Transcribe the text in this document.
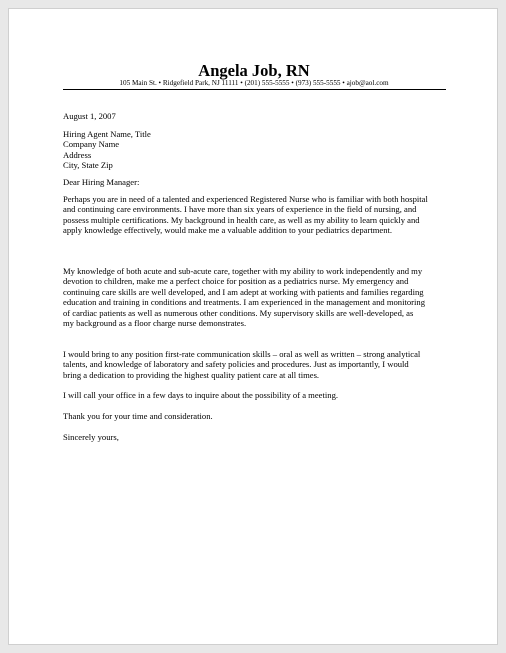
Angela Job, RN
105 Main St. • Ridgefield Park, NJ 11111 • (201) 555-5555 • (973) 555-5555 • ajob@aol.com

August 1, 2007

Hiring Agent Name, Title
Company Name
Address
City, State Zip

Dear Hiring Manager:

Perhaps you are in need of a talented and experienced Registered Nurse who is familiar with both hospital
and continuing care environments. I have more than six years of experience in the field of nursing, and
possess multiple certifications. My background in health care, as well as my ability to learn quickly and
apply knowledge effectively, would make me a valuable addition to your pediatrics department.

My knowledge of both acute and sub-acute care, together with my ability to work independently and my
devotion to children, make me a perfect choice for position as a pediatrics nurse. My emergency and
continuing care skills are well developed, and I am adept at working with patients and families regarding
education and training in conditions and treatments. I am experienced in the management and monitoring
of cardiac patients as well as numerous other conditions. My supervisory skills are well-developed, as
my background as a floor charge nurse demonstrates.

I would bring to any position first-rate communication skills – oral as well as written – strong analytical
talents, and knowledge of laboratory and safety policies and procedures. Just as importantly, I would
bring a dedication to providing the highest quality patient care at all times.

I will call your office in a few days to inquire about the possibility of a meeting.

Thank you for your time and consideration.

Sincerely yours,
